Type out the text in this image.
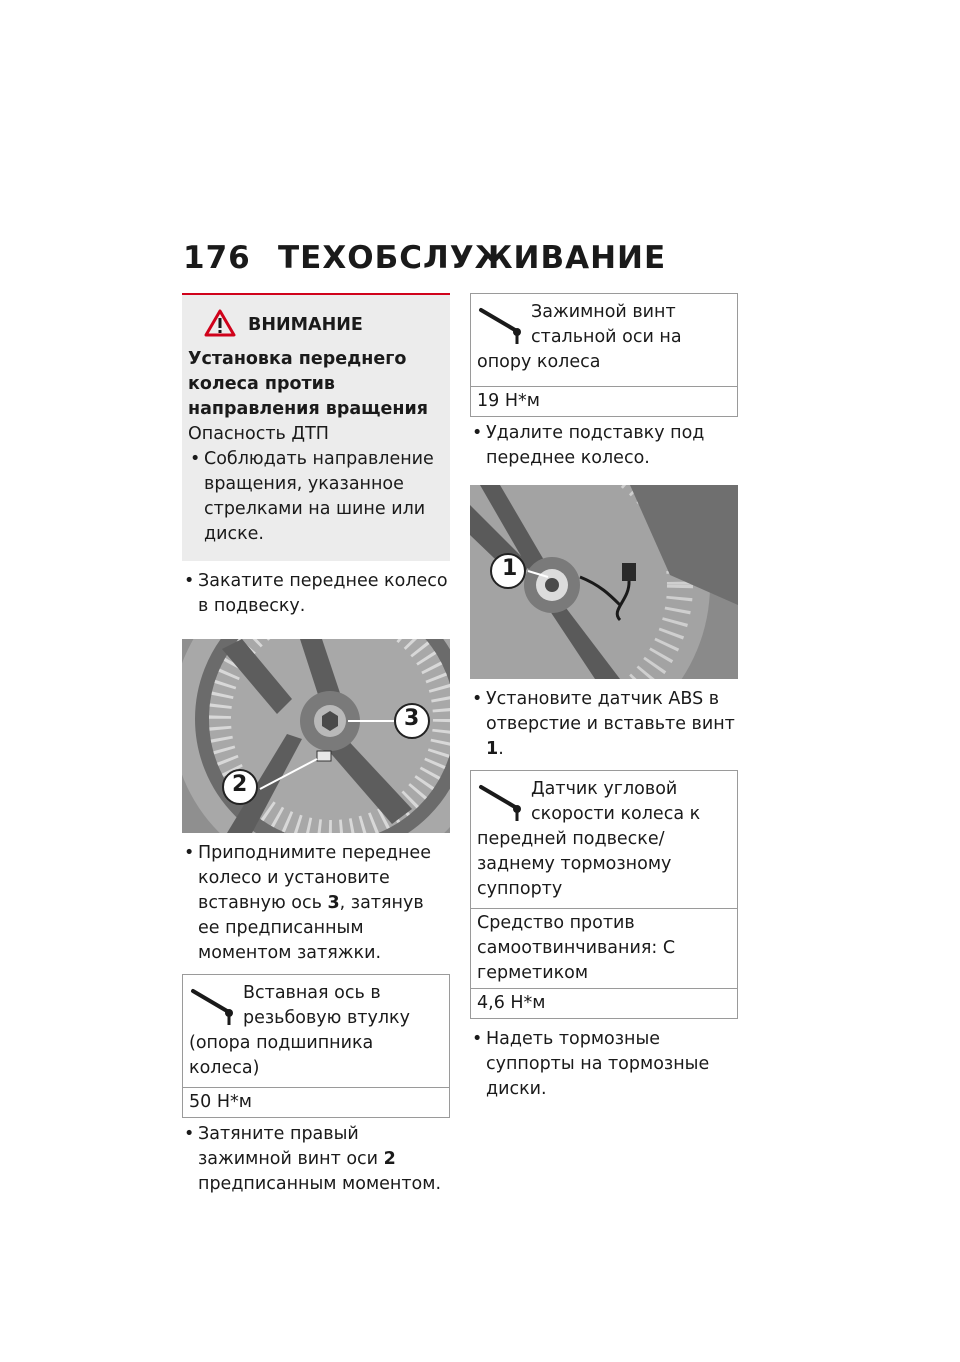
176 ТЕХОБСЛУЖИВАНИЕ
ВНИМАНИЕ
Установка переднего колеса против направления вращения
Опасность ДТП
• Соблюдать направление вращения, указанное стрелками на шине или диске.
• Закатите переднее колесо в подвеску.
3
2
• Приподнимите переднее колесо и установите вставную ось 3, затянув ее предписанным моментом затяжки.
Вставная ось в резьбовую втулку (опора подшипника колеса)
50 Н*м
• Затяните правый зажимной винт оси 2 предписанным моментом.
Зажимной винт стальной оси на опору колеса
19 Н*м
• Удалите подставку под переднее колесо.
1
• Установите датчик ABS в отверстие и вставьте винт 1.
Датчик угловой скорости колеса к передней подвеске/заднему тормозному суппорту
Средство против самоотвинчивания: С герметиком
4,6 Н*м
• Надеть тормозные суппорты на тормозные диски.
